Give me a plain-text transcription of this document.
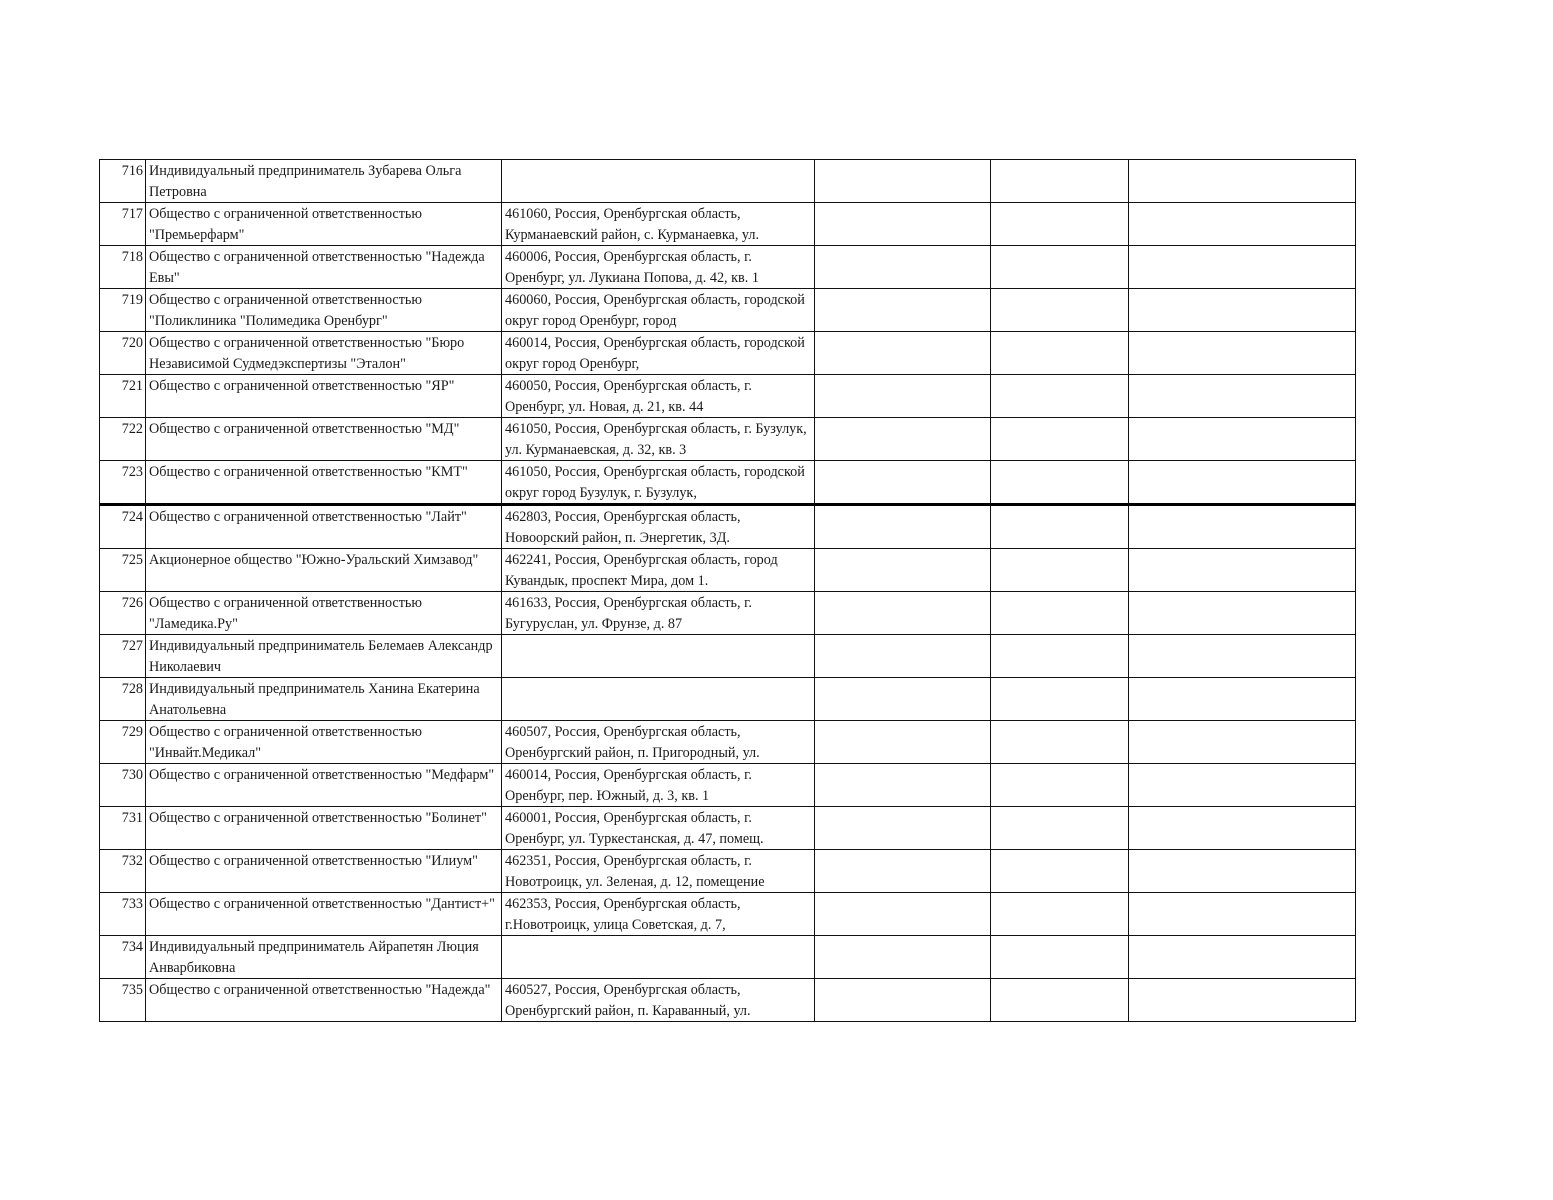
716	Индивидуальный предприниматель Зубарева Ольга Петровна				

717	Общество с ограниченной ответственностью "Премьерфарм"	461060, Россия, Оренбургская область, Курманаевский район, с. Курманаевка, ул.			

718	Общество с ограниченной ответственностью "Надежда Евы"	460006, Россия, Оренбургская область, г. Оренбург, ул. Лукиана Попова, д. 42, кв. 1			

719	Общество с ограниченной ответственностью "Поликлиника "Полимедика Оренбург"	460060, Россия, Оренбургская область, городской округ город Оренбург, город			

720	Общество с ограниченной ответственностью "Бюро Независимой Судмедэкспертизы "Эталон"	460014, Россия, Оренбургская область, городской округ город Оренбург,			

721	Общество с ограниченной ответственностью "ЯР"	460050, Россия, Оренбургская область, г. Оренбург, ул. Новая, д. 21, кв. 44			

722	Общество с ограниченной ответственностью "МД"	461050, Россия, Оренбургская область, г. Бузулук, ул. Курманаевская, д. 32, кв. 3			

723	Общество с ограниченной ответственностью "КМТ"	461050, Россия, Оренбургская область, городской округ город Бузулук, г. Бузулук,			

724	Общество с ограниченной ответственностью "Лайт"	462803, Россия, Оренбургская область, Новоорский район, п. Энергетик, 3Д.			

725	Акционерное общество "Южно-Уральский Химзавод"	462241, Россия, Оренбургская область, город Кувандык, проспект Мира, дом 1.			

726	Общество с ограниченной ответственностью "Ламедика.Ру"	461633, Россия, Оренбургская область, г. Бугуруслан, ул. Фрунзе, д. 87			

727	Индивидуальный предприниматель Белемаев Александр Николаевич				

728	Индивидуальный предприниматель Ханина Екатерина Анатольевна				

729	Общество с ограниченной ответственностью "Инвайт.Медикал"	460507, Россия, Оренбургская область, Оренбургский район, п. Пригородный, ул.			

730	Общество с ограниченной ответственностью "Медфарм"	460014, Россия, Оренбургская область, г. Оренбург, пер. Южный, д. 3, кв. 1			

731	Общество с ограниченной ответственностью "Болинет"	460001, Россия, Оренбургская область, г. Оренбург, ул. Туркестанская, д. 47, помещ.			

732	Общество с ограниченной ответственностью "Илиум"	462351, Россия, Оренбургская область, г. Новотроицк, ул. Зеленая, д. 12, помещение			

733	Общество с ограниченной ответственностью "Дантист+"	462353, Россия, Оренбургская область, г.Новотроицк, улица Советская, д. 7,			

734	Индивидуальный предприниматель Айрапетян Люция Анварбиковна				

735	Общество с ограниченной ответственностью "Надежда"	460527, Россия, Оренбургская область, Оренбургский район, п. Караванный, ул.			
